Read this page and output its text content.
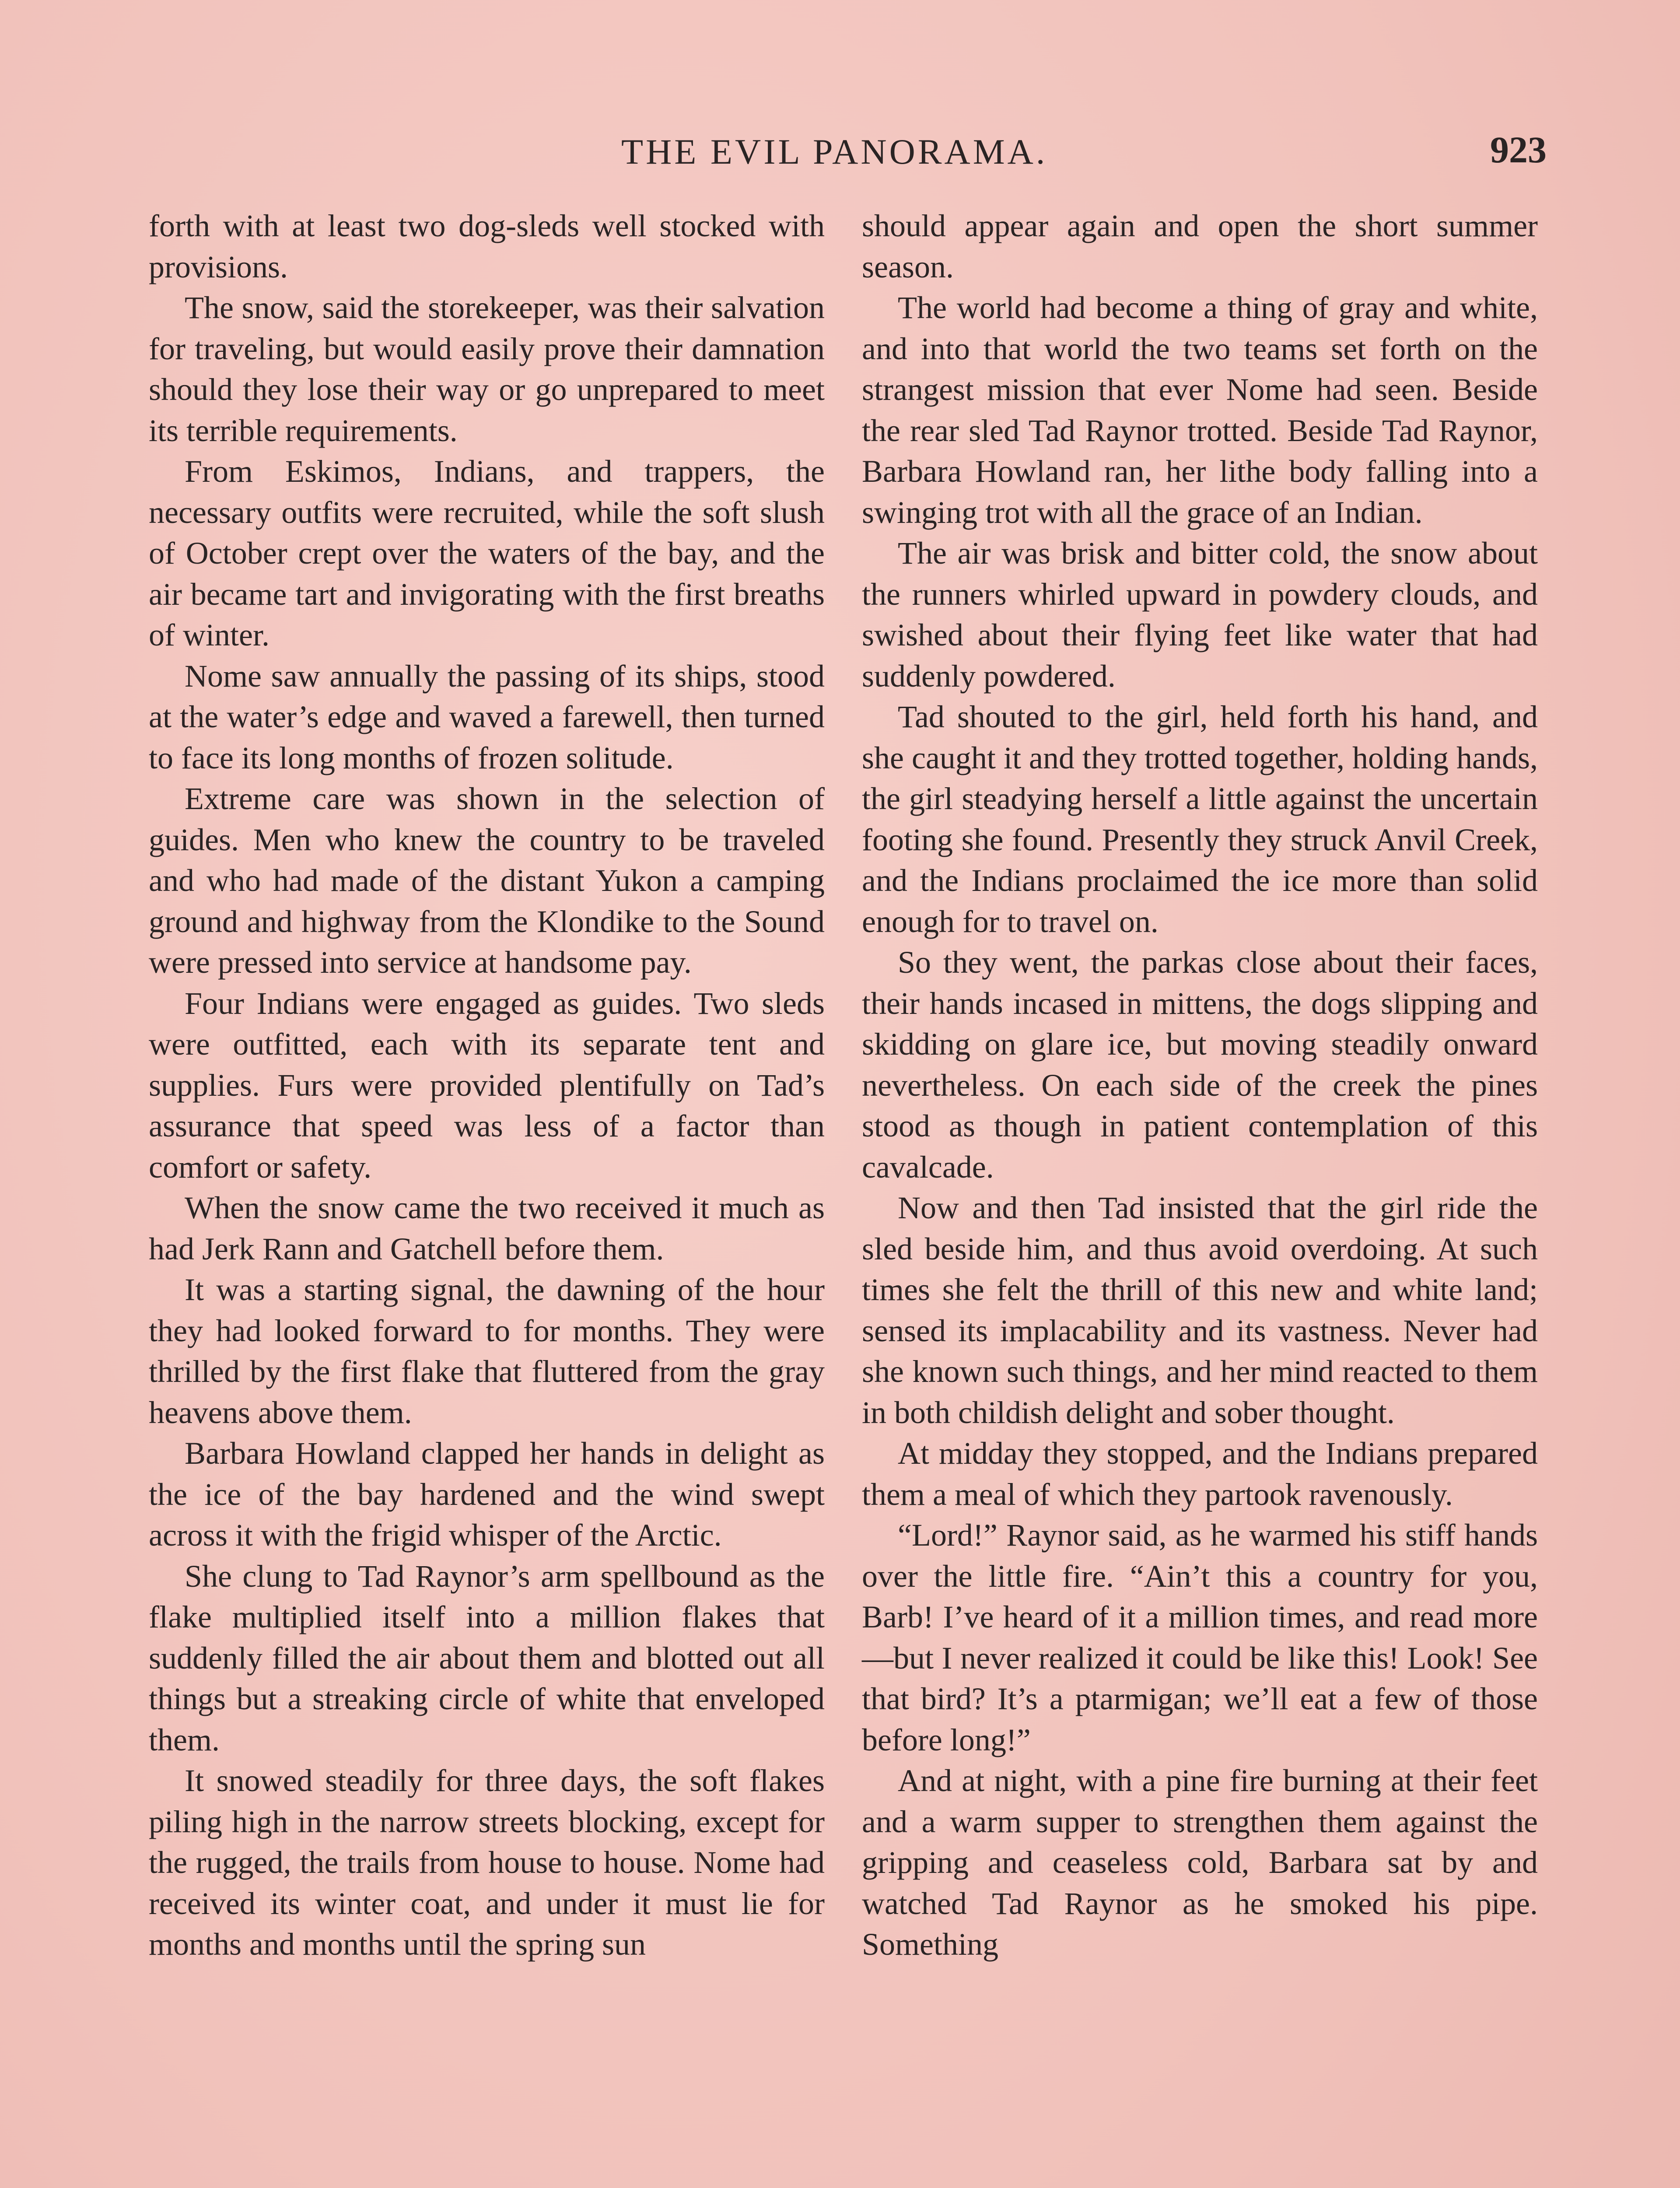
THE EVIL PANORAMA.	923

forth with at least two dog-sleds well stocked with provisions.

The snow, said the storekeeper, was their salvation for traveling, but would easily prove their damnation should they lose their way or go unprepared to meet its terrible requirements.

From Eskimos, Indians, and trappers, the necessary outfits were recruited, while the soft slush of October crept over the waters of the bay, and the air became tart and invigorating with the first breaths of winter.

Nome saw annually the passing of its ships, stood at the water’s edge and waved a farewell, then turned to face its long months of frozen solitude.

Extreme care was shown in the selection of guides. Men who knew the country to be traveled and who had made of the distant Yukon a camping ground and highway from the Klondike to the Sound were pressed into service at handsome pay.

Four Indians were engaged as guides. Two sleds were outfitted, each with its separate tent and supplies. Furs were provided plentifully on Tad’s assurance that speed was less of a factor than comfort or safety.

When the snow came the two received it much as had Jerk Rann and Gatchell before them.

It was a starting signal, the dawning of the hour they had looked forward to for months. They were thrilled by the first flake that fluttered from the gray heavens above them.

Barbara Howland clapped her hands in delight as the ice of the bay hardened and the wind swept across it with the frigid whisper of the Arctic.

She clung to Tad Raynor’s arm spellbound as the flake multiplied itself into a million flakes that suddenly filled the air about them and blotted out all things but a streaking circle of white that enveloped them.

It snowed steadily for three days, the soft flakes piling high in the narrow streets blocking, except for the rugged, the trails from house to house. Nome had received its winter coat, and under it must lie for months and months until the spring sun

should appear again and open the short summer season.

The world had become a thing of gray and white, and into that world the two teams set forth on the strangest mission that ever Nome had seen. Beside the rear sled Tad Raynor trotted. Beside Tad Raynor, Barbara Howland ran, her lithe body falling into a swinging trot with all the grace of an Indian.

The air was brisk and bitter cold, the snow about the runners whirled upward in powdery clouds, and swished about their flying feet like water that had suddenly powdered.

Tad shouted to the girl, held forth his hand, and she caught it and they trotted together, holding hands, the girl steadying herself a little against the uncertain footing she found. Presently they struck Anvil Creek, and the Indians proclaimed the ice more than solid enough for to travel on.

So they went, the parkas close about their faces, their hands incased in mittens, the dogs slipping and skidding on glare ice, but moving steadily onward nevertheless. On each side of the creek the pines stood as though in patient contemplation of this cavalcade.

Now and then Tad insisted that the girl ride the sled beside him, and thus avoid overdoing. At such times she felt the thrill of this new and white land; sensed its implacability and its vastness. Never had she known such things, and her mind reacted to them in both childish delight and sober thought.

At midday they stopped, and the Indians prepared them a meal of which they partook ravenously.

“Lord!” Raynor said, as he warmed his stiff hands over the little fire. “Ain’t this a country for you, Barb! I’ve heard of it a million times, and read more—but I never realized it could be like this! Look! See that bird? It’s a ptarmigan; we’ll eat a few of those before long!”

And at night, with a pine fire burning at their feet and a warm supper to strengthen them against the gripping and ceaseless cold, Barbara sat by and watched Tad Raynor as he smoked his pipe. Something
